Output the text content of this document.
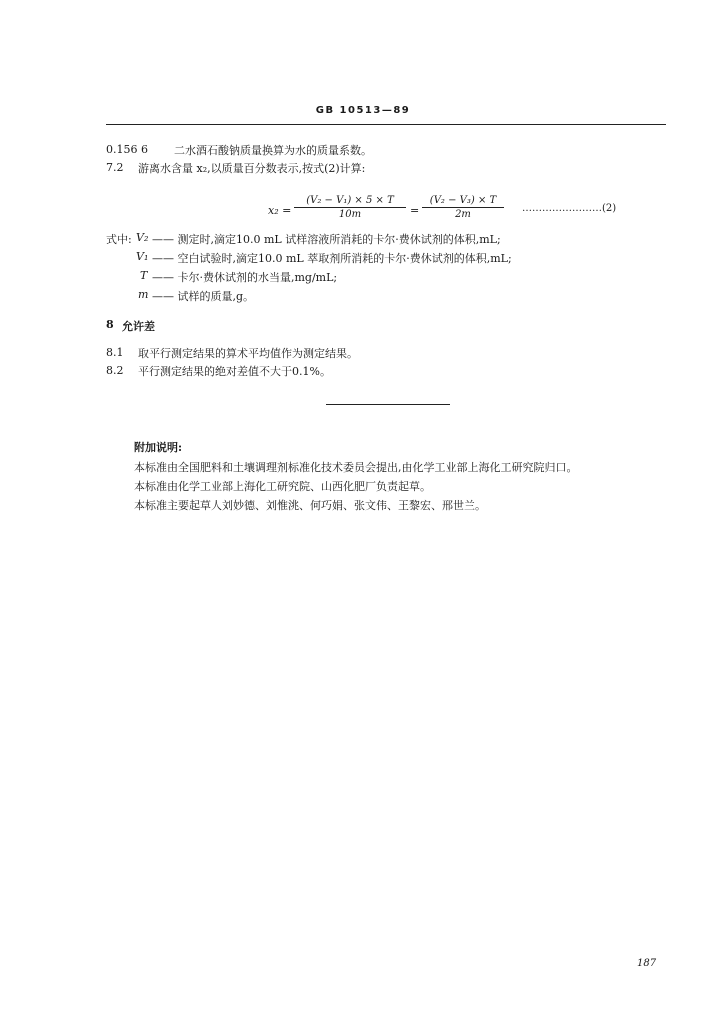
GB 10513—89
0.156 6 二水酒石酸钠质量换算为水的质量系数。
7.2 游离水含量 x₂,以质量百分数表示,按式(2)计算:
x₂ =
(V₂ − V₁) × 5 × T
10m	=
(V₂ − V₃) × T
2m
……………………(2)
式中: V₂ —— 测定时,滴定10.0 mL 试样溶液所消耗的卡尔·费休试剂的体积,mL;
V₁ —— 空白试验时,滴定10.0 mL 萃取剂所消耗的卡尔·费休试剂的体积,mL;
T —— 卡尔·费休试剂的水当量,mg/mL;
m —— 试样的质量,g。
8 允许差
8.1 取平行测定结果的算术平均值作为测定结果。
8.2 平行测定结果的绝对差值不大于0.1%。
附加说明:
本标准由全国肥料和土壤调理剂标准化技术委员会提出,由化学工业部上海化工研究院归口。
本标准由化学工业部上海化工研究院、山西化肥厂负责起草。
本标准主要起草人刘妙德、刘惟洮、何巧娟、张文伟、王黎宏、邢世兰。
187
